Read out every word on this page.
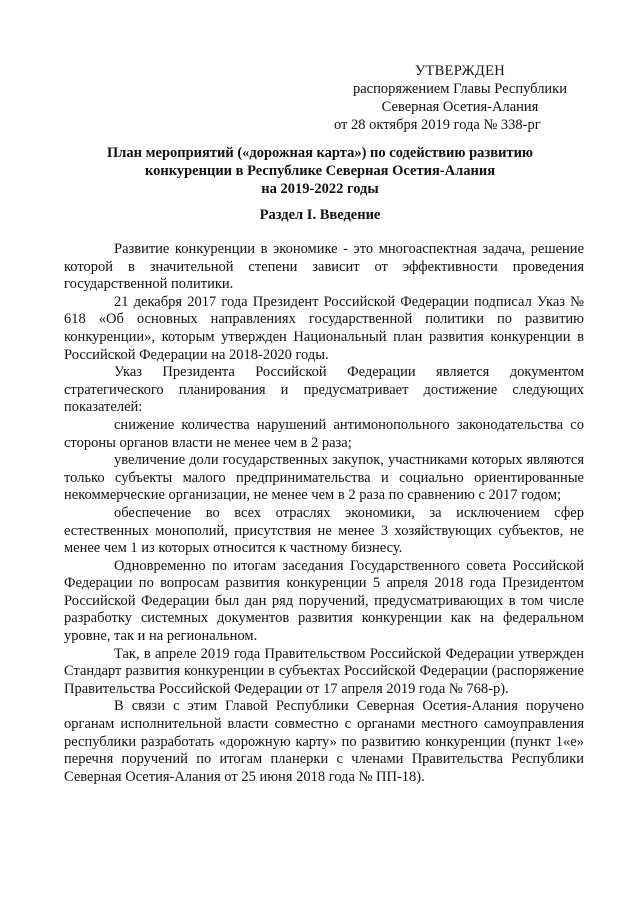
УТВЕРЖДЕН
распоряжением Главы Республики
Северная Осетия-Алания
от 28 октября 2019 года № 338-рг
План мероприятий («дорожная карта») по содействию развитию
конкуренции в Республике Северная Осетия-Алания
на 2019-2022 годы
Раздел I. Введение

Развитие конкуренции в экономике - это многоаспектная задача, решение которой в значительной степени зависит от эффективности проведения государственной политики.

21 декабря 2017 года Президент Российской Федерации подписал Указ № 618 «Об основных направлениях государственной политики по развитию конкуренции», которым утвержден Национальный план развития конкуренции в Российской Федерации на 2018-2020 годы.

Указ Президента Российской Федерации является документом стратегического планирования и предусматривает достижение следующих показателей:

снижение количества нарушений антимонопольного законодательства со стороны органов власти не менее чем в 2 раза;

увеличение доли государственных закупок, участниками которых являются только субъекты малого предпринимательства и социально ориентированные некоммерческие организации, не менее чем в 2 раза по сравнению с 2017 годом;

обеспечение во всех отраслях экономики, за исключением сфер естественных монополий, присутствия не менее 3 хозяйствующих субъектов, не менее чем 1 из которых относится к частному бизнесу.

Одновременно по итогам заседания Государственного совета Российской Федерации по вопросам развития конкуренции 5 апреля 2018 года Президентом Российской Федерации был дан ряд поручений, предусматривающих в том числе разработку системных документов развития конкуренции как на федеральном уровне, так и на региональном.

Так, в апреле 2019 года Правительством Российской Федерации утвержден Стандарт развития конкуренции в субъектах Российской Федерации (распоряжение Правительства Российской Федерации от 17 апреля 2019 года № 768-р).

В связи с этим Главой Республики Северная Осетия-Алания поручено органам исполнительной власти совместно с органами местного самоуправления республики разработать «дорожную карту» по развитию конкуренции (пункт 1«е» перечня поручений по итогам планерки с членами Правительства Республики Северная Осетия-Алания от 25 июня 2018 года № ПП-18).
